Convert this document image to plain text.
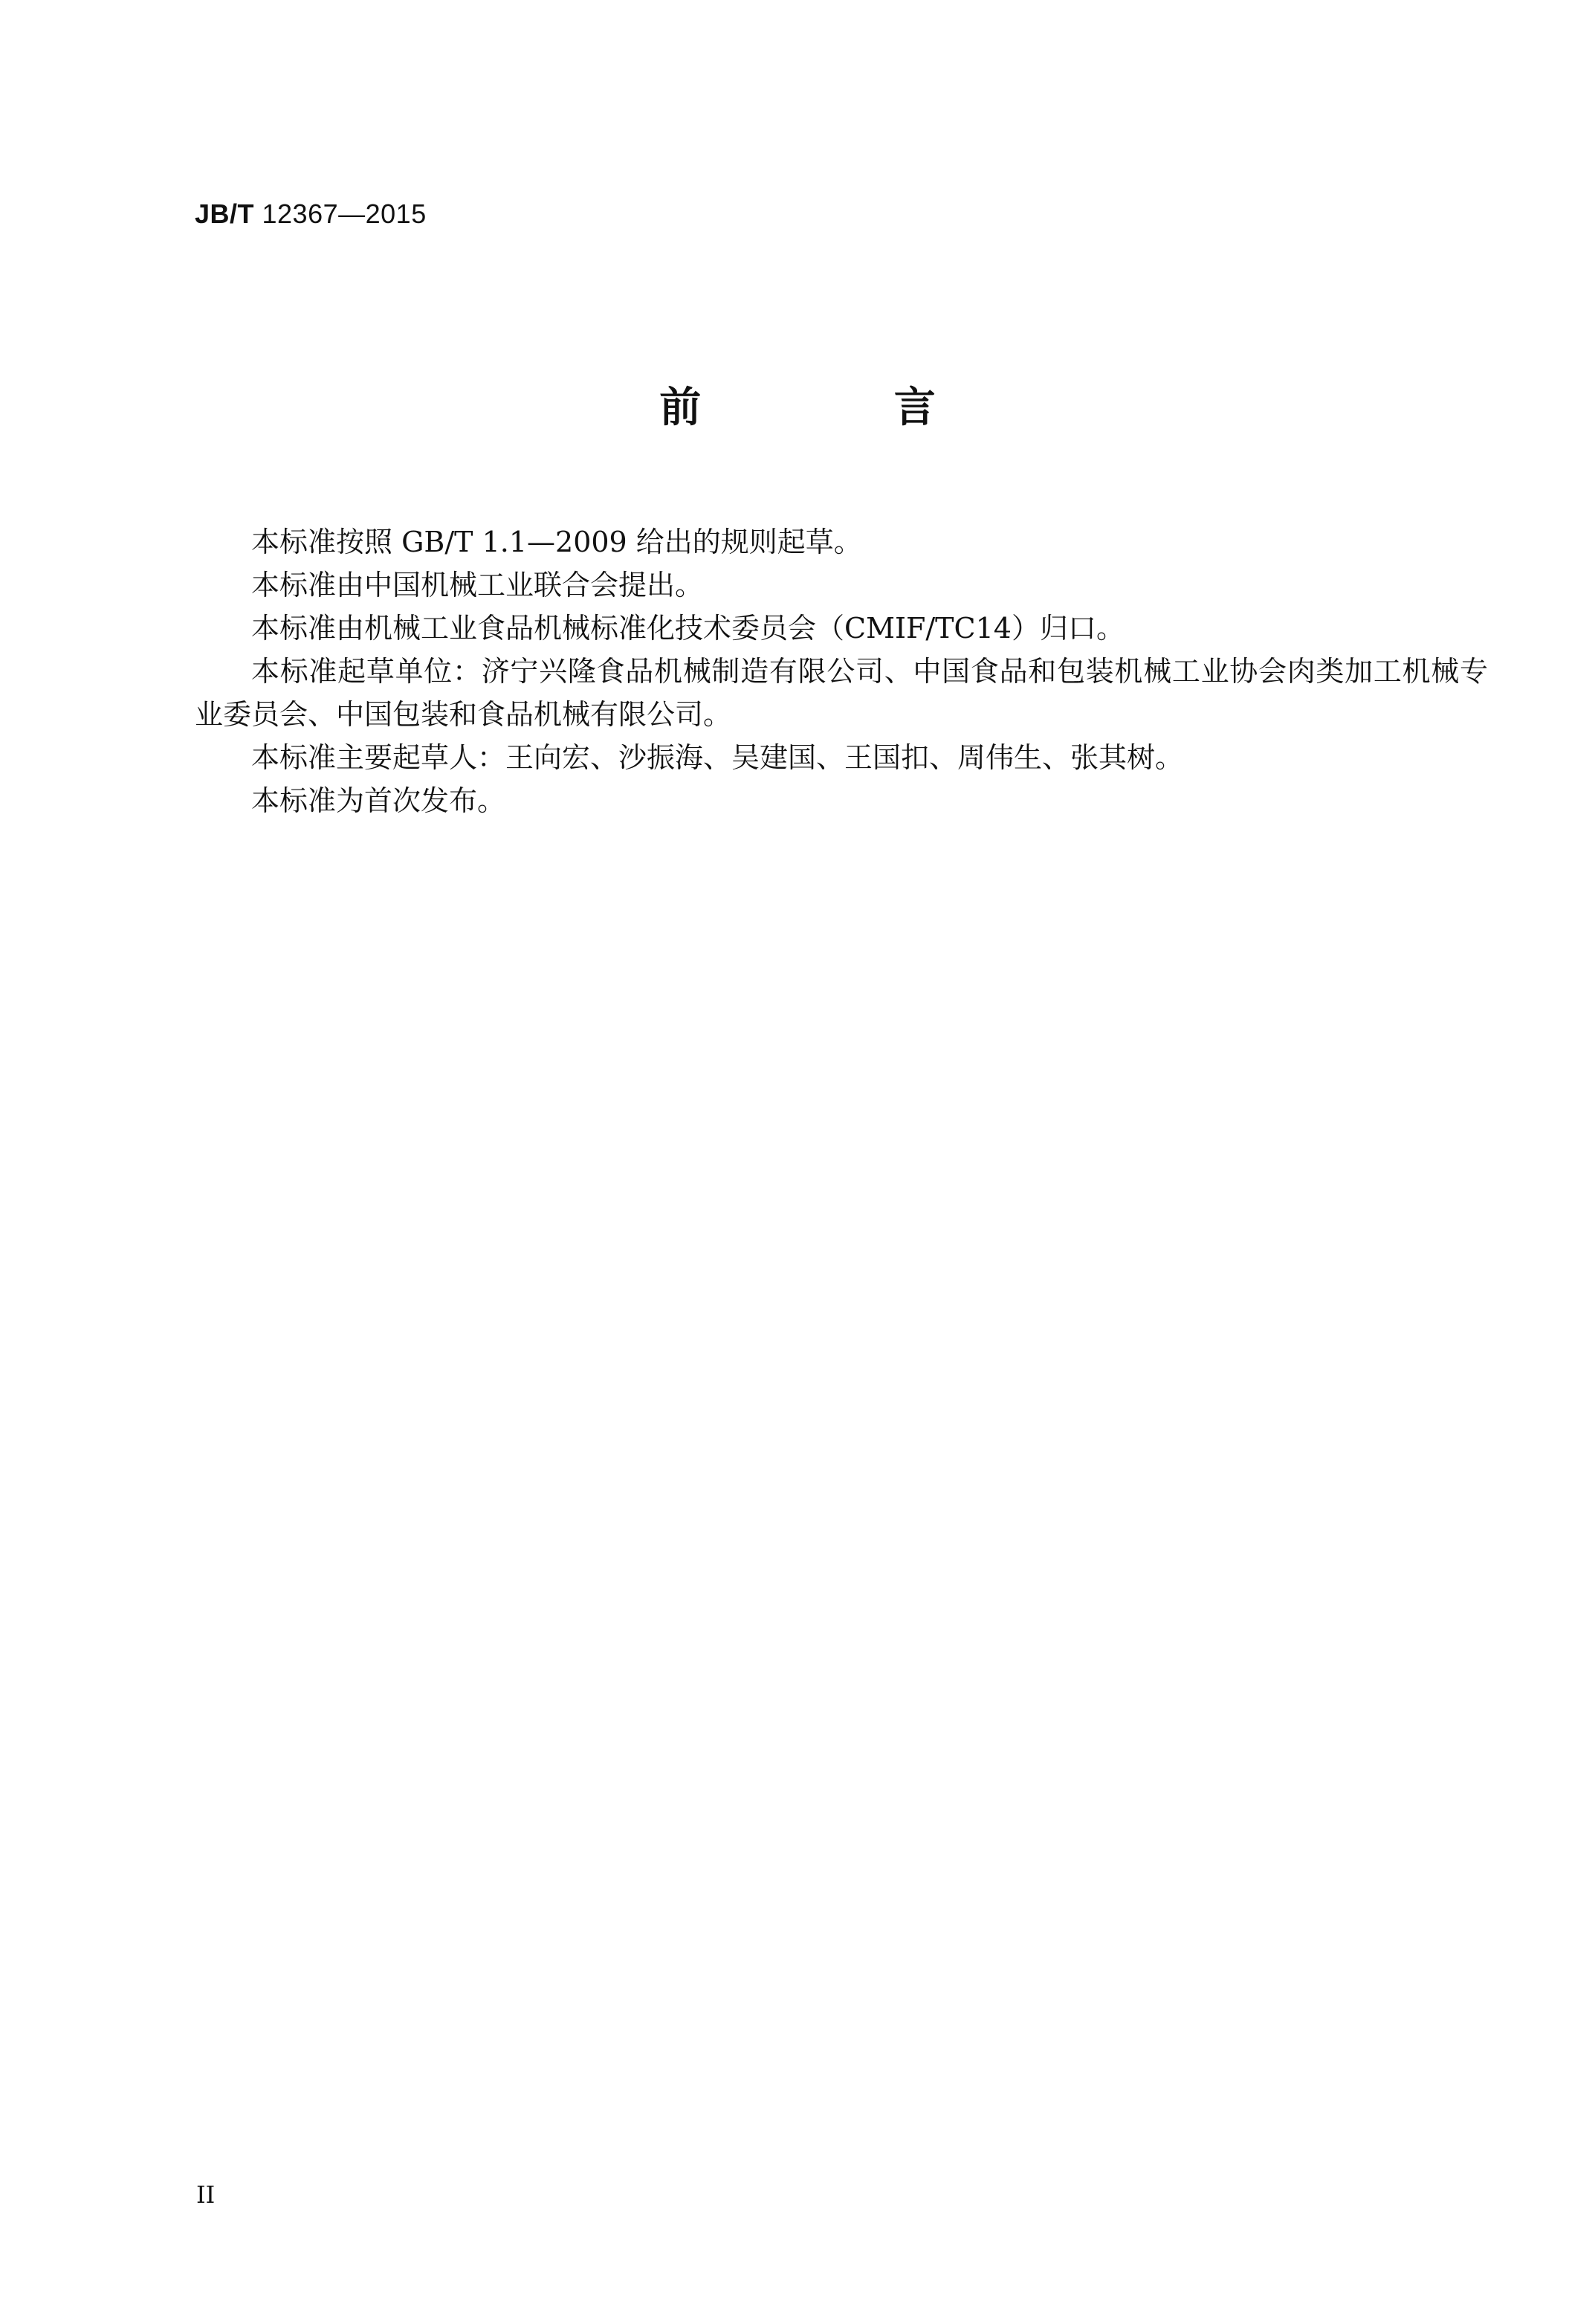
JB/T 12367—2015
前 言

本标准按照 GB/T 1.1—2009 给出的规则起草。

本标准由中国机械工业联合会提出。

本标准由机械工业食品机械标准化技术委员会（CMIF/TC14）归口。

本标准起草单位：济宁兴隆食品机械制造有限公司、中国食品和包装机械工业协会肉类加工机械专业委员会、中国包装和食品机械有限公司。

本标准主要起草人：王向宏、沙振海、吴建国、王国扣、周伟生、张其树。

本标准为首次发布。

II
